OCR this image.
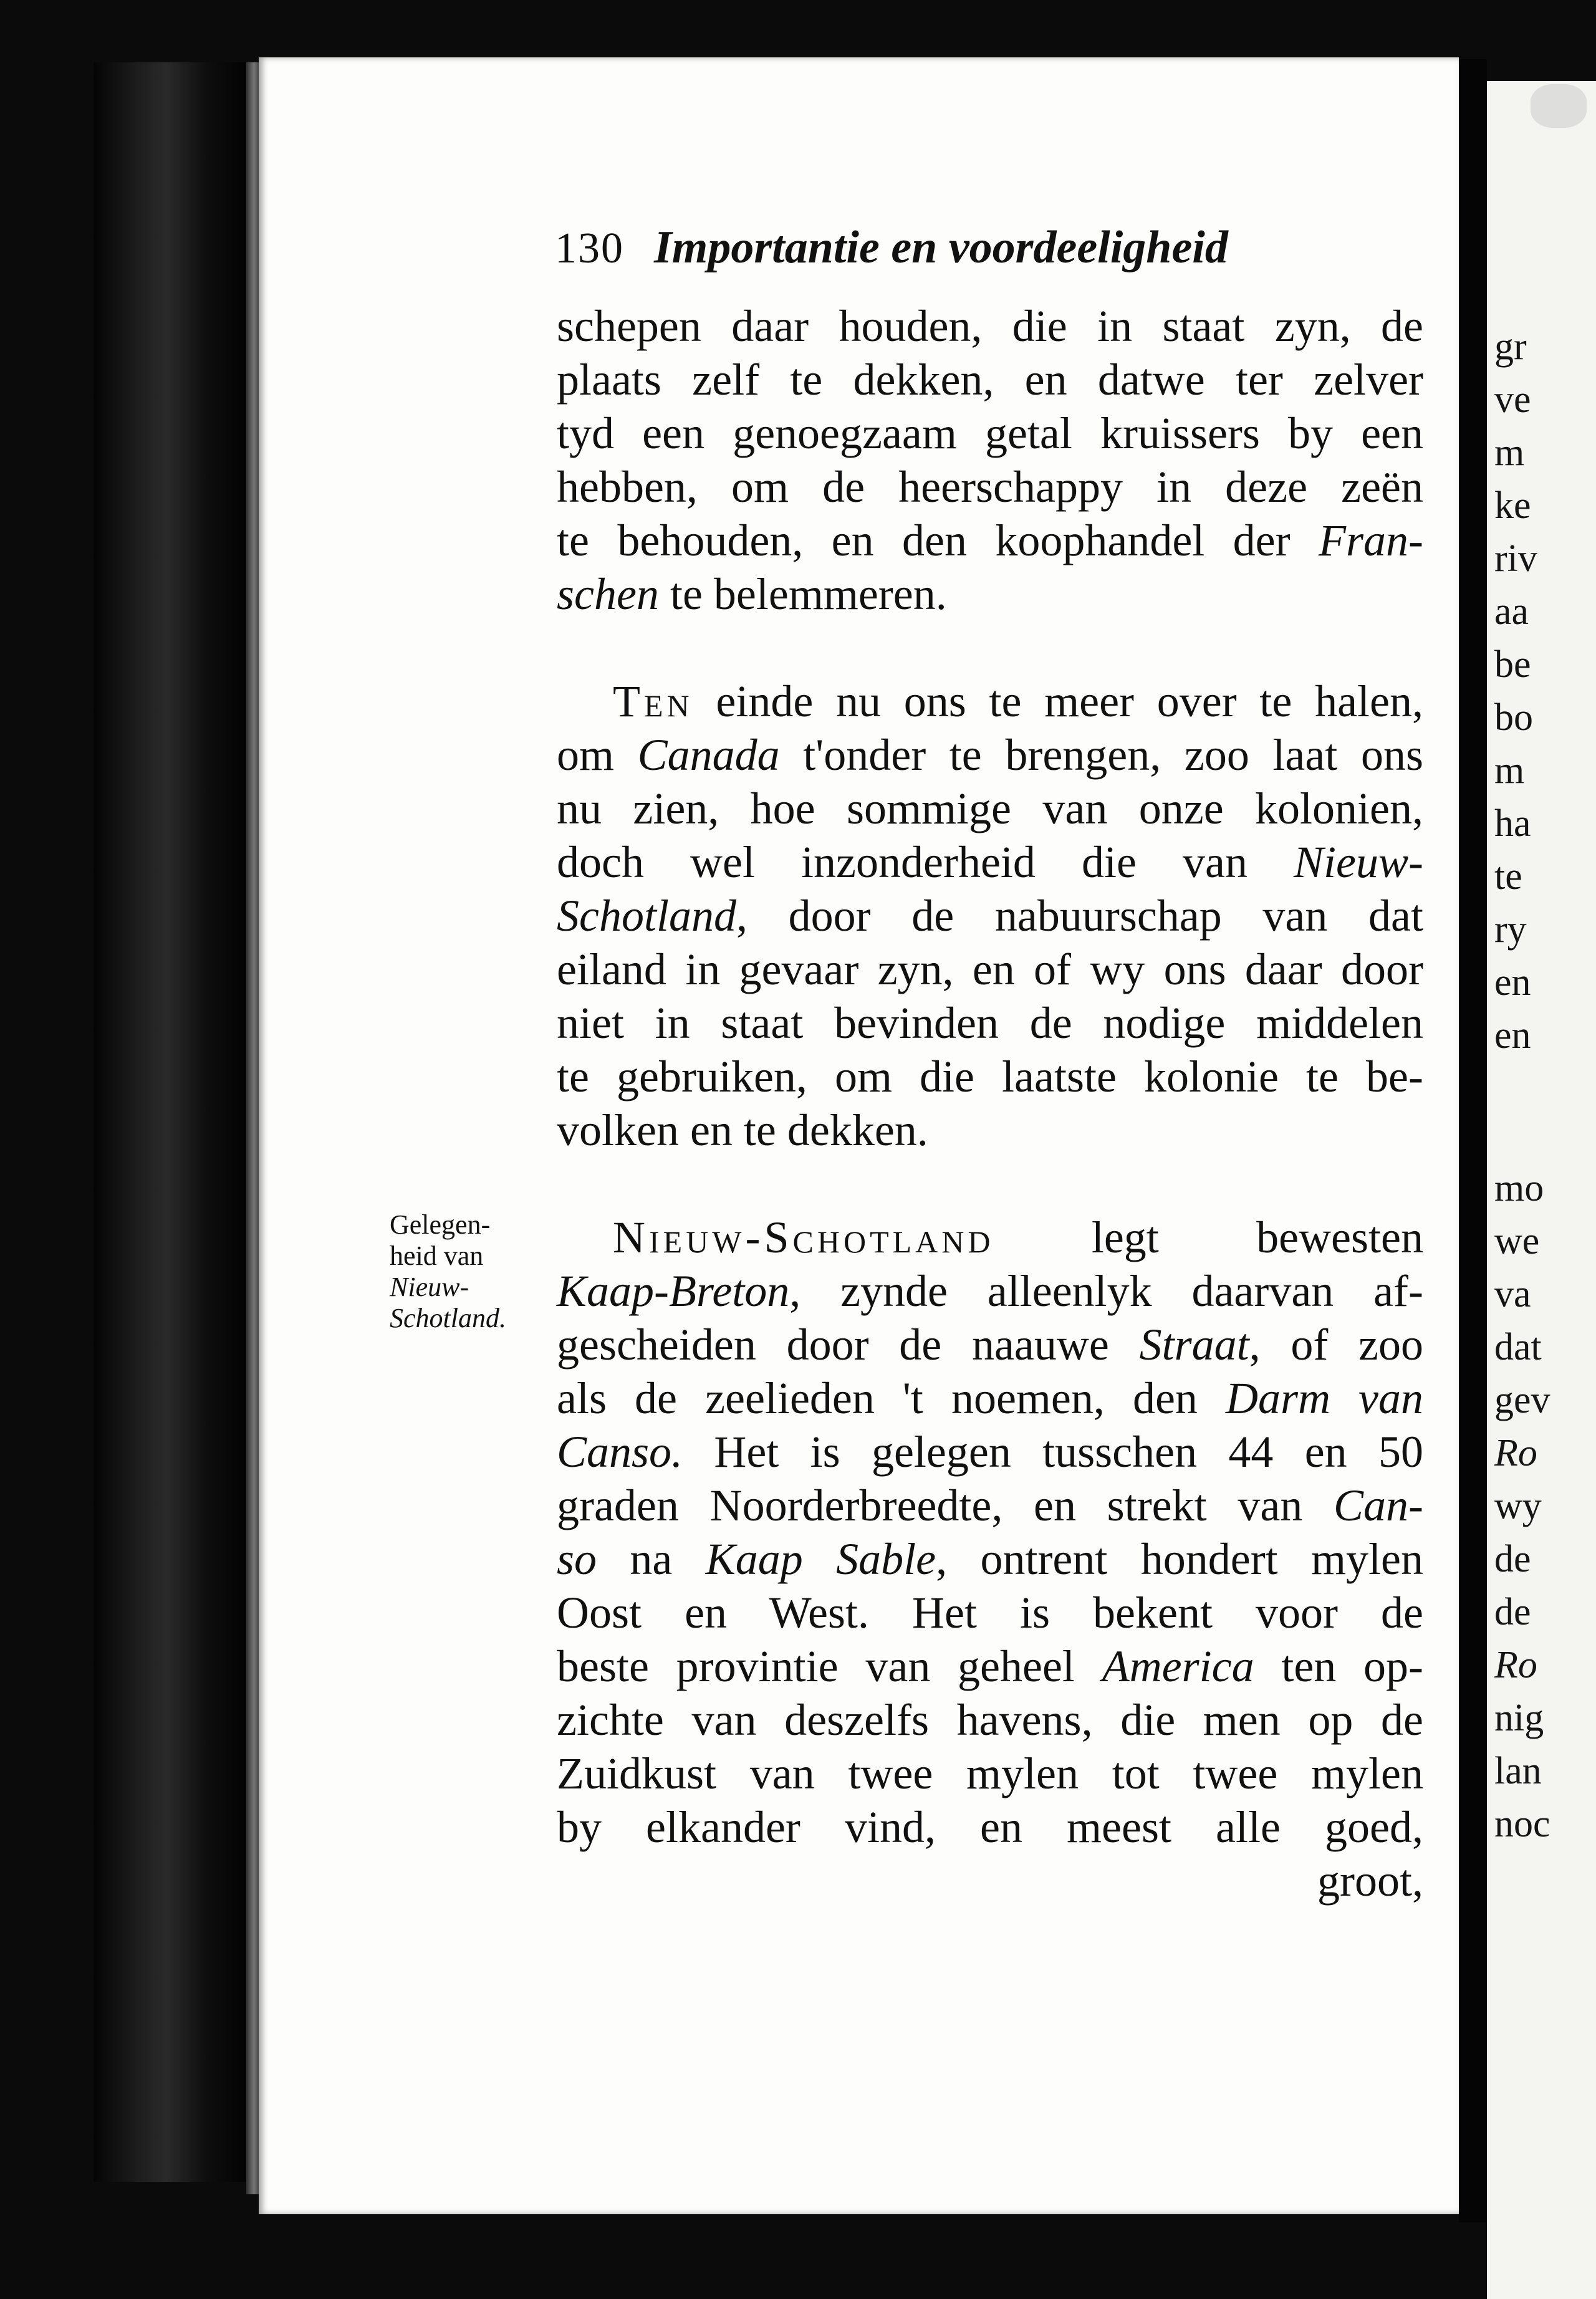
gr
ve
m
ke
riv
aa
be
bo
m
ha
te
ry
en
en
mo
we
va
dat
gev
Ro
wy
de
de
Ro
nig
lan
noc
130 Importantie en voordeeligheid
Gelegen-
heid van
Nieuw-
Schotland.
schepen daar houden, die in staat zyn, de
plaats zelf te dekken, en datwe ter zelver
tyd een genoegzaam getal kruissers by een
hebben, om de heerschappy in deze zeën
te behouden, en den koophandel der Fran-
schen te belemmeren.
Ten einde nu ons te meer over te halen,
om Canada t'onder te brengen, zoo laat ons
nu zien, hoe sommige van onze kolonien,
doch wel inzonderheid die van Nieuw-
Schotland, door de nabuurschap van dat
eiland in gevaar zyn, en of wy ons daar door
niet in staat bevinden de nodige middelen
te gebruiken, om die laatste kolonie te be-
volken en te dekken.
Nieuw-Schotland legt bewesten
Kaap-Breton, zynde alleenlyk daarvan af-
gescheiden door de naauwe Straat, of zoo
als de zeelieden 't noemen, den Darm van
Canso. Het is gelegen tusschen 44 en 50
graden Noorderbreedte, en strekt van Can-
so na Kaap Sable, ontrent hondert mylen
Oost en West. Het is bekent voor de
beste provintie van geheel America ten op-
zichte van deszelfs havens, die men op de
Zuidkust van twee mylen tot twee mylen
by elkander vind, en meest alle goed,
groot,
